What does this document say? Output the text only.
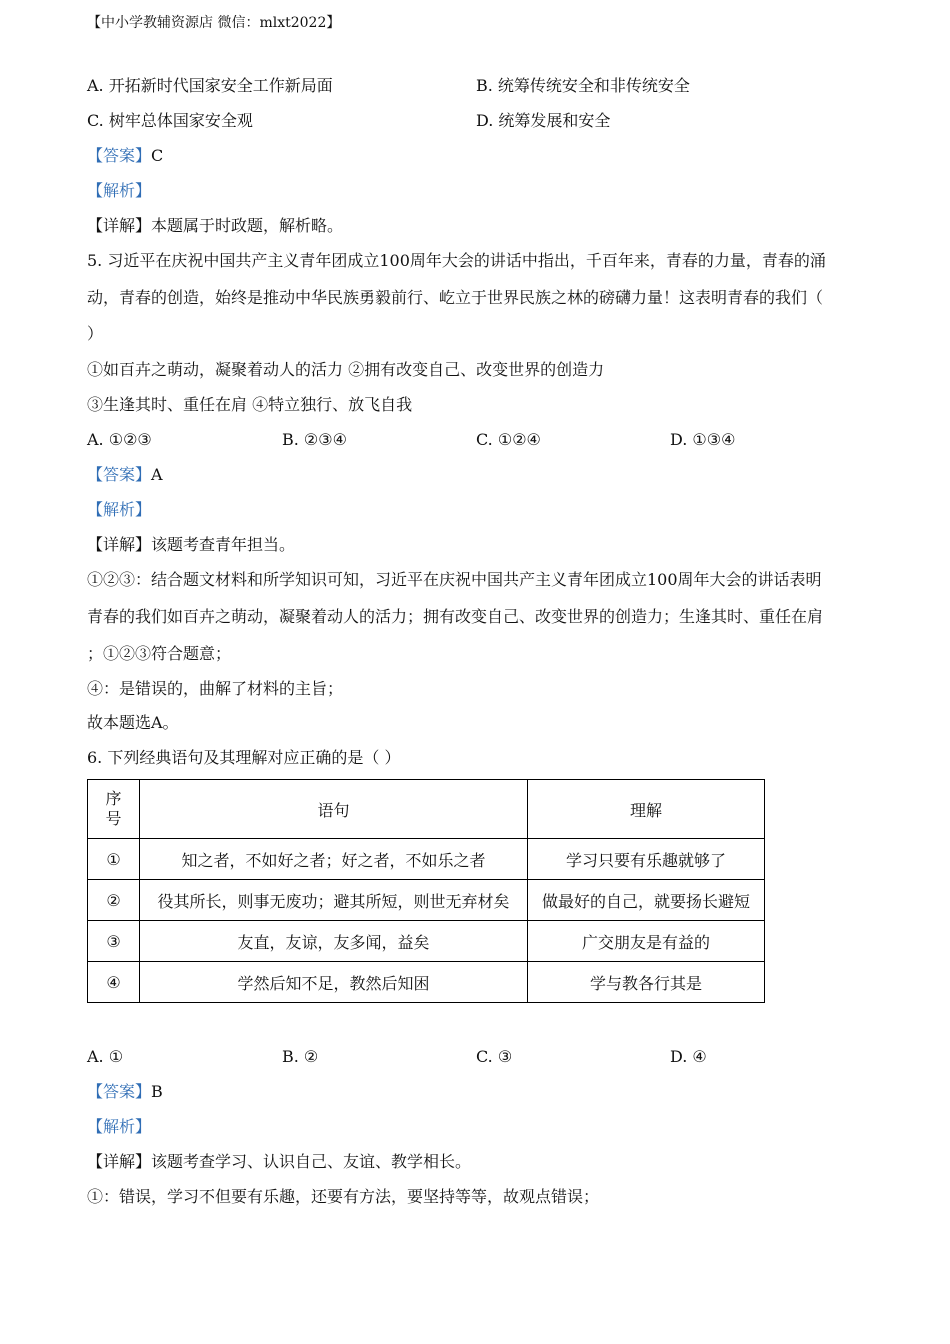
【中小学教辅资源店 微信：mlxt2022】
A. 开拓新时代国家安全工作新局面	B. 统筹传统安全和非传统安全
C. 树牢总体国家安全观	D. 统筹发展和安全
【答案】C
【解析】
【详解】本题属于时政题，解析略。
5. 习近平在庆祝中国共产主义青年团成立100周年大会的讲话中指出，千百年来，青春的力量，青春的涌
动，青春的创造，始终是推动中华民族勇毅前行、屹立于世界民族之林的磅礴力量！这表明青春的我们（
）
①如百卉之萌动，凝聚着动人的活力 ②拥有改变自己、改变世界的创造力
③生逢其时、重任在肩 ④特立独行、放飞自我
A. ①②③	B. ②③④	C. ①②④	D. ①③④
【答案】A
【解析】
【详解】该题考查青年担当。
①②③：结合题文材料和所学知识可知，习近平在庆祝中国共产主义青年团成立100周年大会的讲话表明
青春的我们如百卉之萌动，凝聚着动人的活力；拥有改变自己、改变世界的创造力；生逢其时、重任在肩
；①②③符合题意；
④：是错误的，曲解了材料的主旨；
故本题选A。
6. 下列经典语句及其理解对应正确的是（ ）
序号	语句	理解
①	知之者，不如好之者；好之者，不如乐之者	学习只要有乐趣就够了
②	役其所长，则事无废功；避其所短，则世无弃材矣	做最好的自己，就要扬长避短
③	友直，友谅，友多闻，益矣	广交朋友是有益的
④	学然后知不足，教然后知困	学与教各行其是
A. ①	B. ②	C. ③	D. ④
【答案】B
【解析】
【详解】该题考查学习、认识自己、友谊、教学相长。
①：错误，学习不但要有乐趣，还要有方法，要坚持等等，故观点错误；
